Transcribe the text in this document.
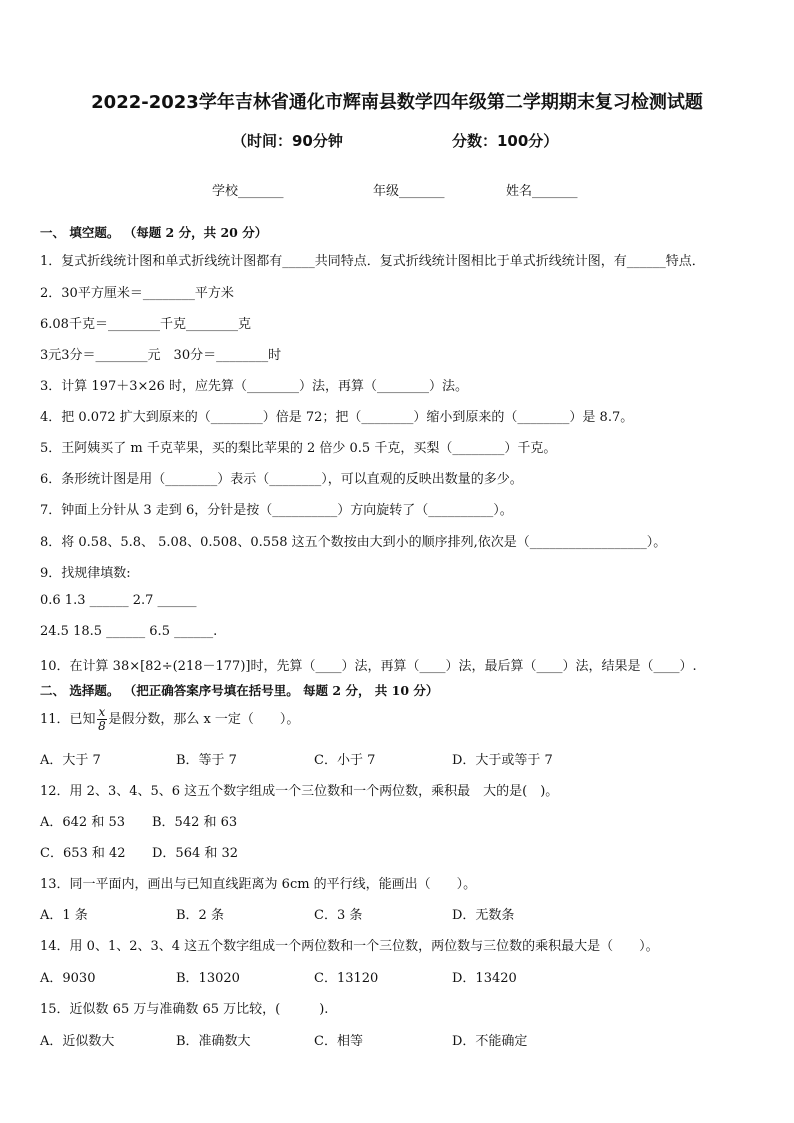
2022-2023学年吉林省通化市辉南县数学四年级第二学期期末复习检测试题
（时间：90分钟	分数：100分）
学校_______	年级_______	姓名_______
一、 填空题。 （每题 2 分，共 20 分）
1．复式折线统计图和单式折线统计图都有_____共同特点．复式折线统计图相比于单式折线统计图，有______特点．
2．30平方厘米＝________平方米
6.08千克＝________千克________克
3元3分＝________元　30分＝________时
3．计算 197＋3×26 时，应先算（________）法，再算（________）法。
4．把 0.072 扩大到原来的（________）倍是 72；把（________）缩小到原来的（________）是 8.7。
5．王阿姨买了 m 千克苹果，买的梨比苹果的 2 倍少 0.5 千克，买梨（________）千克。
6．条形统计图是用（________）表示（________），可以直观的反映出数量的多少。
7．钟面上分针从 3 走到 6，分针是按（__________）方向旋转了（__________）。
8．将 0.58、5.8、 5.08、0.508、0.558 这五个数按由大到小的顺序排列,依次是（__________________）。
9．找规律填数:
0.6 1.3 ______ 2.7 ______
24.5 18.5 ______ 6.5 ______.
10．在计算 38×[82÷(218－177)]时，先算（____）法，再算（____）法，最后算（____）法，结果是（____）.
二、 选择题。 （把正确答案序号填在括号里。 每题 2 分， 共 10 分）
11．已知 $\frac{x}{8}$ 是假分数，那么 x 一定（　　）。
A．大于 7	B．等于 7	C．小于 7	D．大于或等于 7
12．用 2、3、4、5、6 这五个数字组成一个三位数和一个两位数，乘积最　大的是(　)。
A．642 和 53 B．542 和 63
C．653 和 42 D．564 和 32
13．同一平面内，画出与已知直线距离为 6cm 的平行线，能画出（　　）。
A．1 条	B．2 条	C．3 条	D．无数条
14．用 0、1、2、3、4 这五个数字组成一个两位数和一个三位数，两位数与三位数的乘积最大是（　　）。
A．9030	B．13020	C．13120	D．13420
15．近似数 65 万与准确数 65 万比较，(　　　).
A．近似数大	B．准确数大	C．相等	D．不能确定
